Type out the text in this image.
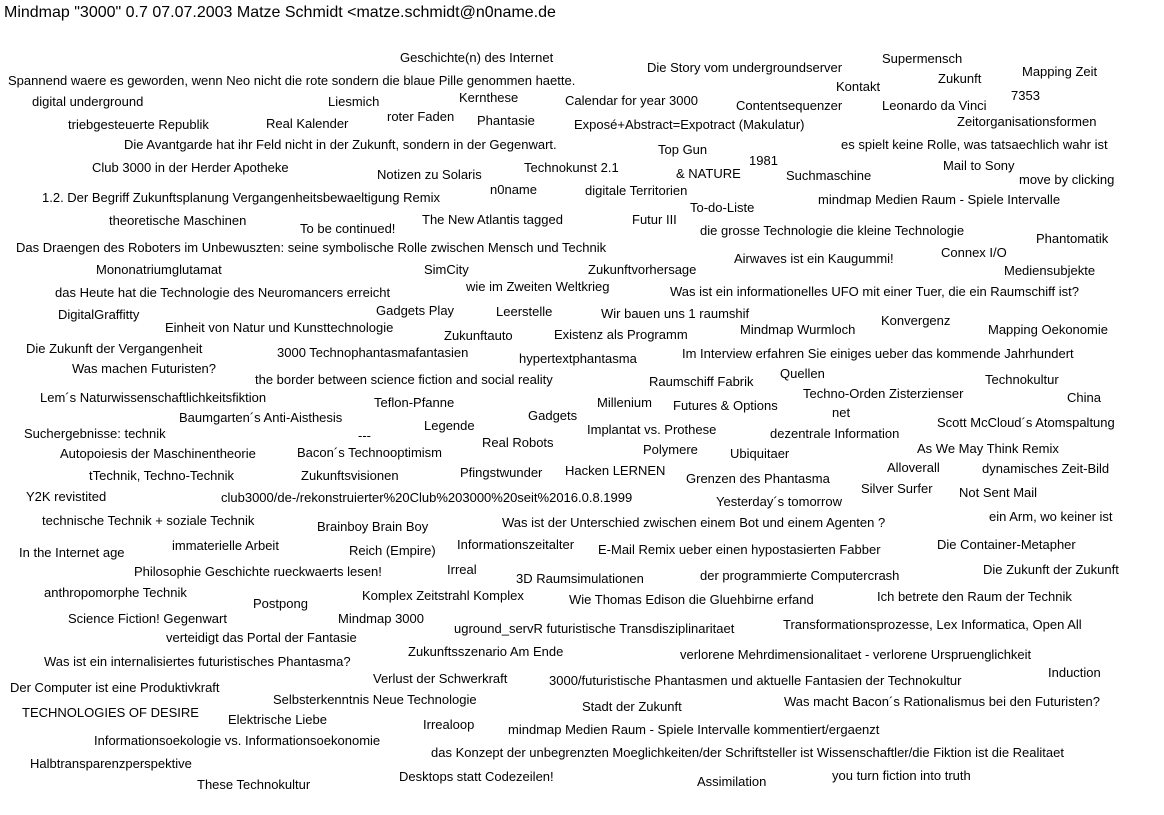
Mindmap "3000" 0.7 07.07.2003 Matze Schmidt <matze.schmidt@n0name.de
Geschichte(n) des Internet	Supermensch
Die Story vom undergroundserver	Mapping Zeit
Spannend waere es geworden, wenn Neo nicht die rote sondern die blaue Pille genommen haette.	Zukunft
Kontakt
7353
digital underground	Liesmich	Kernthese	Calendar for year 3000	Contentsequenzer	Leonardo da Vinci
triebgesteuerte Republik	Real Kalender	roter Faden Phantasie	Exposé+Abstract=Expotract (Makulatur)	Zeitorganisationsformen
Die Avantgarde hat ihr Feld nicht in der Zukunft, sondern in der Gegenwart.	Top Gun	es spielt keine Rolle, was tatsaechlich wahr ist
1981
Club 3000 in der Herder Apotheke	Technokunst 2.1
Notizen zu Solaris	& NATURE	Suchmaschine
Mail to Sony
move by clicking
n0name	digitale Territorien
1.2. Der Begriff Zukunftsplanung Vergangenheitsbewaeltigung Remix	mindmap Medien Raum - Spiele Intervalle
To-do-Liste
theoretische Maschinen	The New Atlantis tagged	Futur III
To be continued!	die grosse Technologie die kleine Technologie
Phantomatik
Das Draengen des Roboters im Unbewuszten: seine symbolische Rolle zwischen Mensch und Technik	Connex I/O
Airwaves ist ein Kaugummi!
Mononatriumglutamat	SimCity	Zukunftvorhersage	Mediensubjekte
das Heute hat die Technologie des Neuromancers erreicht	wie im Zweiten Weltkrieg	Was ist ein informationelles UFO mit einer Tuer, die ein Raumschiff ist?
Gadgets Play
DigitalGraffitty	Leerstelle	Wir bauen uns 1 raumshif	Konvergenz
Einheit von Natur und Kunsttechnologie
Zukunftauto	Existenz als Programm	Mindmap Wurmloch	Mapping Oekonomie
Die Zukunft der Vergangenheit	3000 Technophantasmafantasien	hypertextphantasma	Im Interview erfahren Sie einiges ueber das kommende Jahrhundert
Was machen Futuristen?	Quellen
the border between science fiction and social reality	Raumschiff Fabrik	Technokultur
Techno-Orden Zisterzienser	China
Lem´s Naturwissenschaftlichkeitsfiktion	Teflon-Pfanne	Millenium Futures & Options
Gadgets	net
Baumgarten´s Anti-Aisthesis	Scott McCloud´s Atomspaltung
Legende	Implantat vs. Prothese	dezentrale Information
Suchergebnisse: technik	---	Real Robots	Polymere	As We May Think Remix
Autopoiesis der Maschinentheorie	Bacon´s Technooptimism	Ubiquitaer
Alloverall	dynamisches Zeit-Bild
tTechnik, Techno-Technik	Zukunftsvisionen	Pfingstwunder Hacken LERNEN
Grenzen des Phantasma
Silver Surfer
Y2K revistited	club3000/de-/rekonstruierter%20Club%203000%20seit%2016.0.8.1999	Not Sent Mail
Yesterday´s tomorrow
ein Arm, wo keiner ist
technische Technik + soziale Technik	Brainboy Brain Boy	Was ist der Unterschied zwischen einem Bot und einem Agenten ?
Informationszeitalter	Die Container-Metapher
immaterielle Arbeit
In the Internet age	Reich (Empire)	E-Mail Remix ueber einen hypostasierten Fabber
Die Zukunft der Zukunft
Philosophie Geschichte rueckwaerts lesen!	Irreal
3D Raumsimulationen	der programmierte Computercrash
anthropomorphe Technik	Komplex Zeitstrahl Komplex	Ich betrete den Raum der Technik
Postpong	Wie Thomas Edison die Gluehbirne erfand
Science Fiction! Gegenwart	Mindmap 3000
uground_servR futuristische Transdisziplinaritaet	Transformationsprozesse, Lex Informatica, Open All
verteidigt das Portal der Fantasie
Zukunftsszenario Am Ende	verlorene Mehrdimensionalitaet - verlorene Urspruenglichkeit
Was ist ein internalisiertes futuristisches Phantasma?
Induction
Verlust der Schwerkraft	3000/futuristische Phantasmen und aktuelle Fantasien der Technokultur
Der Computer ist eine Produktivkraft
Selbsterkenntnis Neue Technologie	Stadt der Zukunft	Was macht Bacon´s Rationalismus bei den Futuristen?
TECHNOLOGIES OF DESIRE Elektrische Liebe	Irrealoop	mindmap Medien Raum - Spiele Intervalle kommentiert/ergaenzt
Informationsoekologie vs. Informationsoekonomie
das Konzept der unbegrenzten Moeglichkeiten/der Schriftsteller ist Wissenschaftler/die Fiktion ist die Realitaet
Halbtransparenzperspektive
Desktops statt Codezeilen!	you turn fiction into truth
These Technokultur	Assimilation
